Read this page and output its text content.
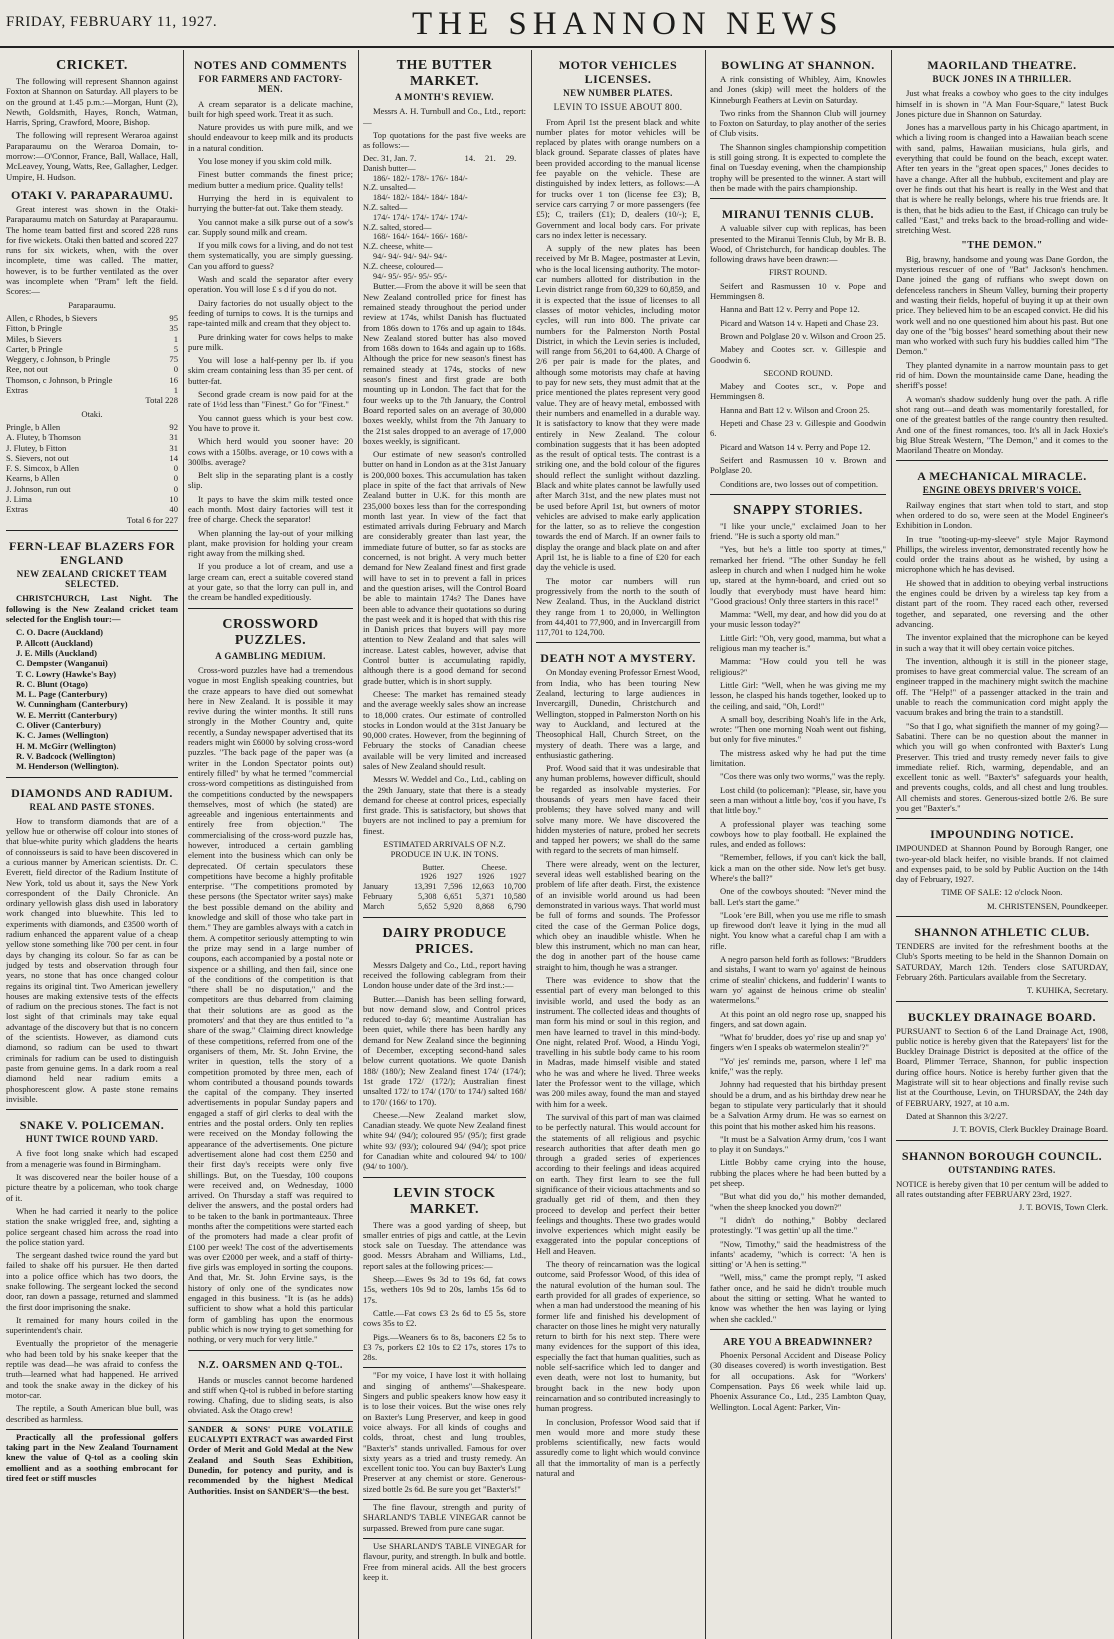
FRIDAY, FEBRUARY 11, 1927.	THE SHANNON NEWS
CRICKET.

The following will represent Shannon against Foxton at Shannon on Saturday. All players to be on the ground at 1.45 p.m.:—Morgan, Hunt (2), Newth, Goldsmith, Hayes, Ronch, Watman, Harris, Spring, Crawford, Moore, Bishop.

The following will represent Weraroa against Paraparaumu on the Weraroa Domain, to-morrow:—O'Connor, France, Ball, Wallace, Hall, McLeavey, Young, Watts, Ree, Gallagher, Ledger. Umpire, H. Hudson.

OTAKI V. PARAPARAUMU.

Great interest was shown in the Otaki-Paraparaumu match on Saturday at Paraparaumu. The home team batted first and scored 228 runs for five wickets. Otaki then batted and scored 227 runs for six wickets, when, with the over incomplete, time was called. The matter, however, is to be further ventilated as the over was incomplete when "Pram" left the field. Scores:—

Paraparaumu.

Allen, c Rhodes, b Sievers	95
Fitton, b Pringle	35
Miles, b Sievers	1
Carter, b Pringle	5
Weggery, c Johnson, b Pringle	75
Ree, not out	0
Thomson, c Johnson, b Pringle	16
Extras	1

Total 228

Otaki.

Pringle, b Allen	92
A. Flutey, b Thomson	31
J. Flutey, b Fitton	31
S. Sievers, not out	14
F. S. Simcox, b Allen	0
Kearns, b Allen	0
J. Johnson, run out	0
J. Lima	10
Extras	40

Total 6 for 227

FERN-LEAF BLAZERS FOR ENGLAND
NEW ZEALAND CRICKET TEAM SELECTED.

CHRISTCHURCH, Last Night. The following is the New Zealand cricket team selected for the English tour:—

C. O. Dacre (Auckland)
P. Allcott (Auckland)
J. E. Mills (Auckland)
C. Dempster (Wanganui)
T. C. Lowry (Hawke's Bay)
R. C. Blunt (Otago)
M. L. Page (Canterbury)
W. Cunningham (Canterbury)
W. E. Merritt (Canterbury)
C. Oliver (Canterbury)
K. C. James (Wellington)
H. M. McGirr (Wellington)
R. V. Badcock (Wellington)
M. Henderson (Wellington).
DIAMONDS AND RADIUM.
REAL AND PASTE STONES.

How to transform diamonds that are of a yellow hue or otherwise off colour into stones of that blue-white purity which gladdens the hearts of connoisseurs is said to have been discovered in a curious manner by American scientists. Dr. C. Everett, field director of the Radium Institute of New York, told us about it, says the New York correspondent of the Daily Chronicle. An ordinary yellowish glass dish used in laboratory work changed into bluewhite. This led to experiments with diamonds, and £3500 worth of radium enhanced the apparent value of a cheap yellow stone something like 700 per cent. in four days by changing its colour. So far as can be judged by tests and observation through four years, no stone that has once changed colour regains its original tint. Two American jewellery houses are making extensive tests of the effects of radium on the precious stones. The fact is not lost sight of that criminals may take equal advantage of the discovery but that is no concern of the scientists. However, as diamond cuts diamond, so radium can be used to thwart criminals for radium can be used to distinguish paste from genuine gems. In a dark room a real diamond held near radium emits a phosphorescent glow. A paste stone remains invisible.

SNAKE V. POLICEMAN.
HUNT TWICE ROUND YARD.

A five foot long snake which had escaped from a menagerie was found in Birmingham.

It was discovered near the boiler house of a picture theatre by a policeman, who took charge of it.

When he had carried it nearly to the police station the snake wriggled free, and, sighting a police sergeant chased him across the road into the police station yard.

The sergeant dashed twice round the yard but failed to shake off his pursuer. He then darted into a police office which has two doors, the snake following. The sergeant locked the second door, ran down a passage, returned and slammed the first door imprisoning the snake.

It remained for many hours coiled in the superintendent's chair.

Eventually the proprietor of the menagerie who had been told by his snake keeper that the reptile was dead—he was afraid to confess the truth—learned what had happened. He arrived and took the snake away in the dickey of his motor-car.

The reptile, a South American blue bull, was described as harmless.

Practically all the professional golfers taking part in the New Zealand Tournament knew the value of Q-tol as a cooling skin emollient and as a soothing embrocant for tired feet or stiff muscles

NOTES AND COMMENTS
FOR FARMERS AND FACTORY-MEN.

A cream separator is a delicate machine, built for high speed work. Treat it as such.

Nature provides us with pure milk, and we should endeavour to keep milk and its products in a natural condition.

You lose money if you skim cold milk.

Finest butter commands the finest price; medium butter a medium price. Quality tells!

Hurrying the herd in is equivalent to hurrying the butter-fat out. Take them steady.

You cannot make a silk purse out of a sow's car. Supply sound milk and cream.

If you milk cows for a living, and do not test them systematically, you are simply guessing. Can you afford to guess?

Wash and scald the separator after every operation. You will lose £ s d if you do not.

Dairy factories do not usually object to the feeding of turnips to cows. It is the turnips and rape-tainted milk and cream that they object to.

Pure drinking water for cows helps to make pure milk.

You will lose a half-penny per lb. if you skim cream containing less than 35 per cent. of butter-fat.

Second grade cream is now paid for at the rate of 1½d less than "Finest." Go for "Finest."

You cannot guess which is your best cow. You have to prove it.

Which herd would you sooner have: 20 cows with a 150lbs. average, or 10 cows with a 300lbs. average?

Belt slip in the separating plant is a costly slip.

It pays to have the skim milk tested once each month. Most dairy factories will test it free of charge. Check the separator!

When planning the lay-out of your milking plant, make provision for holding your cream right away from the milking shed.

If you produce a lot of cream, and use a large cream can, erect a suitable covered stand at your gate, so that the lorry can pull in, and the cream be handled expeditiously.

CROSSWORD PUZZLES.
A GAMBLING MEDIUM.

Cross-word puzzles have had a tremendous vogue in most English speaking countries, but the craze appears to have died out somewhat here in New Zealand. It is possible it may revive during the winter months. It still runs strongly in the Mother Country and, quite recently, a Sunday newspaper advertised that its readers might win £6000 by solving cross-word puzzles. "The back page of the paper was (a writer in the London Spectator points out) entirely filled" by what he termed "commercial cross-word competitions as distinguished from the competitions conducted by the newspapers themselves, most of which (he stated) are agreeable and ingenious entertainments and entirely free from objection." The commercialising of the cross-word puzzle has, however, introduced a certain gambling element into the business which can only be deprecated. Of certain speculators these competitions have become a highly profitable enterprise. "The competitions promoted by these persons (the Spectator writer says) make the best possible demand on the ability and knowledge and skill of those who take part in them." They are gambles always with a catch in them. A competitor seriously attempting to win the prize may send in a large number of coupons, each accompanied by a postal note or sixpence or a shilling, and then fail, since one of the conditions of the competition is that "there shall be no disputation," and the competitors are thus debarred from claiming that their solutions are as good as the promoters' and that they are thus entitled to "a share of the swag." Claiming direct knowledge of these competitions, referred from one of the organisers of them, Mr. St. John Ervine, the writer in question, tells the story of a competition promoted by three men, each of whom contributed a thousand pounds towards the capital of the company. They inserted advertisements in popular Sunday papers and engaged a staff of girl clerks to deal with the entries and the postal orders. Only ten replies were received on the Monday following the appearance of the advertisements. One picture advertisement alone had cost them £250 and their first day's receipts were only five shillings. But, on the Tuesday, 100 coupons were received and, on Wednesday, 1000 arrived. On Thursday a staff was required to deliver the answers, and the postal orders had to be taken to the bank in portmanteaux. Three months after the competitions were started each of the promoters had made a clear profit of £100 per week! The cost of the advertisements was over £2000 per week, and a staff of thirty-five girls was employed in sorting the coupons. And that, Mr. St. John Ervine says, is the history of only one of the syndicates now engaged in this business. "It is (as he adds) sufficient to show what a hold this particular form of gambling has upon the enormous public which is now trying to get something for nothing, or very much for very little."

N.Z. OARSMEN AND Q-TOL.

Hands or muscles cannot become hardened and stiff when Q-tol is rubbed in before starting rowing. Chafing, due to sliding seats, is also obviated. Ask the Otago crew!

SANDER & SONS' PURE VOLATILE EUCALYPTI EXTRACT was awarded First Order of Merit and Gold Medal at the New Zealand and South Seas Exhibition, Dunedin, for potency and purity, and is recommended by the highest Medical Authorities. Insist on SANDER'S—the best.

THE BUTTER MARKET.
A MONTH'S REVIEW.

Messrs A. H. Turnbull and Co., Ltd., report:—

Top quotations for the past five weeks are as follows:—

Dec. 31, Jan. 7.	14.	21.	29.
Danish butter—
186/- 182/- 178/- 176/- 184/-
N.Z. unsalted—
184/- 182/- 184/- 184/- 184/-
N.Z. salted—
174/- 174/- 174/- 174/- 174/-
N.Z. salted, stored—
168/- 164/- 164/- 166/- 168/-
N.Z. cheese, white—
94/- 94/- 94/- 94/- 94/-
N.Z. cheese, coloured—
94/- 95/- 95/- 95/- 95/-

Butter.—From the above it will be seen that New Zealand controlled price for finest has remained steady throughout the period under review at 174s, whilst Danish has fluctuated from 186s down to 176s and up again to 184s. New Zealand stored butter has also moved from 168s down to 164s and again up to 168s. Although the price for new season's finest has remained steady at 174s, stocks of new season's finest and first grade are both mounting up in London. The fact that for the four weeks up to the 7th January, the Control Board reported sales on an average of 30,000 boxes weekly, whilst from the 7th January to the 21st sales dropped to an average of 17,000 boxes weekly, is significant.

Our estimate of new season's controlled butter on hand in London as at the 31st January is 200,000 boxes. This accumulation has taken place in spite of the fact that arrivals of New Zealand butter in U.K. for this month are 235,000 boxes less than for the corresponding month last year. In view of the fact that estimated arrivals during February and March are considerably greater than last year, the immediate future of butter, so far as stocks are concerned, is not bright. A very much better demand for New Zealand finest and first grade will have to set in to prevent a fall in prices and the question arises, will the Control Board be able to maintain 174s? The Danes have been able to advance their quotations so during the past week and it is hoped that with this rise in Danish prices that buyers will pay more attention to New Zealand and that sales will increase. Latest cables, however, advise that Control butter is accumulating rapidly, although there is a good demand for second grade butter, which is in short supply.

Cheese: The market has remained steady and the average weekly sales show an increase to 18,000 crates. Our estimate of controlled stocks in London would at the 31st January be 90,000 crates. However, from the beginning of February the stocks of Canadian cheese available will be very limited and increased sales of New Zealand should result.

Messrs W. Weddel and Co., Ltd., cabling on the 29th January, state that there is a steady demand for cheese at control prices, especially first grade. This is satisfactory, but shows that buyers are not inclined to pay a premium for finest.

ESTIMATED ARRIVALS OF N.Z. PRODUCE IN U.K. IN TONS.

	Butter.		Cheese.	
	1926	1927	1926	1927
January	13,391	7,596	12,663	10,700
February	5,308	6,651	5,371	10,580
March	5,652	5,920	8,868	6,790
DAIRY PRODUCE PRICES.

Messrs Dalgety and Co., Ltd., report having received the following cablegram from their London house under date of the 3rd inst.:—

Butter.—Danish has been selling forward, but now demand slow, and Control prices reduced to-day 6/; meantime Australian has been quiet, while there has been hardly any demand for New Zealand since the beginning of December, excepting second-hand sales below current quotations. We quote Danish 188/ (180/); New Zealand finest 174/ (174/); 1st grade 172/ (172/); Australian finest unsalted 172/ to 174/ (170/ to 174/) salted 168/ to 170/ (166/ to 170).

Cheese.—New Zealand market slow, Canadian steady. We quote New Zealand finest white 94/ (94/); coloured 95/ (95/); first grade white 93/ (93/); coloured 94/ (94/); spot price for Canadian white and coloured 94/ to 100/ (94/ to 100/).

LEVIN STOCK MARKET.

There was a good yarding of sheep, but smaller entries of pigs and cattle, at the Levin stock sale on Tuesday. The attendance was good. Messrs Abraham and Williams, Ltd., report sales at the following prices:—

Sheep.—Ewes 9s 3d to 19s 6d, fat cows 15s, wethers 10s 9d to 20s, lambs 15s 6d to 17s.

Cattle.—Fat cows £3 2s 6d to £5 5s, store cows 35s to £2.

Pigs.—Weaners 6s to 8s, baconers £2 5s to £3 7s, porkers £2 10s to £2 17s, stores 17s to 28s.

"For my voice, I have lost it with hollaing and singing of anthems"—Shakespeare. Singers and public speakers know how easy it is to lose their voices. But the wise ones rely on Baxter's Lung Preserver, and keep in good voice always. For all kinds of coughs and colds, throat, chest and lung troubles, "Baxter's" stands unrivalled. Famous for over sixty years as a tried and trusty remedy. An excellent tonic too. You can buy Baxter's Lung Preserver at any chemist or store. Generous-sized bottle 2s 6d. Be sure you get "Baxter's!"

The fine flavour, strength and purity of SHARLAND'S TABLE VINEGAR cannot be surpassed. Brewed from pure cane sugar.

Use SHARLAND'S TABLE VINEGAR for flavour, purity, and strength. In bulk and bottle. Free from mineral acids. All the best grocers keep it.

MOTOR VEHICLES LICENSES.
NEW NUMBER PLATES.
LEVIN TO ISSUE ABOUT 800.

From April 1st the present black and white number plates for motor vehicles will be replaced by plates with orange numbers on a black ground. Separate classes of plates have been provided according to the manual license fee payable on the vehicle. These are distinguished by index letters, as follows:—A for trucks over 1 ton (license fee £3); B, service cars carrying 7 or more passengers (fee £5); C, trailers (£1); D, dealers (10/-); E, Government and local body cars. For private cars no index letter is necessary.

A supply of the new plates has been received by Mr B. Magee, postmaster at Levin, who is the local licensing authority. The motor-car numbers allotted for distribution in the Levin district range from 60,329 to 60,859, and it is expected that the issue of licenses to all classes of motor vehicles, including motor cycles, will run into 800. The private car numbers for the Palmerston North Postal District, in which the Levin series is included, will range from 56,201 to 64,400. A Charge of 2/6 per pair is made for the plates, and although some motorists may chafe at having to pay for new sets, they must admit that at the price mentioned the plates represent very good value. They are of heavy metal, embossed with their numbers and enamelled in a durable way. It is satisfactory to know that they were made entirely in New Zealand. The colour combination suggests that it has been adopted as the result of optical tests. The contrast is a striking one, and the bold colour of the figures should reflect the sunlight without dazzling. Black and white plates cannot be lawfully used after March 31st, and the new plates must not be used before April 1st, but owners of motor vehicles are advised to make early application for the latter, so as to relieve the congestion towards the end of March. If an owner fails to display the orange and black plate on and after April 1st, he is liable to a fine of £20 for each day the vehicle is used.

The motor car numbers will run progressively from the north to the south of New Zealand. Thus, in the Auckland district they range from 1 to 20,000, in Wellington from 44,401 to 77,900, and in Invercargill from 117,701 to 124,700.

DEATH NOT A MYSTERY.

On Monday evening Professor Ernest Wood, from India, who has been touring New Zealand, lecturing to large audiences in Invercargill, Dunedin, Christchurch and Wellington, stopped in Palmerston North on his way to Auckland, and lectured at the Theosophical Hall, Church Street, on the mystery of death. There was a large, and enthusiastic gathering.

Prof. Wood said that it was undesirable that any human problems, however difficult, should be regarded as insolvable mysteries. For thousands of years men have faced their problems; they have solved many and will solve many more. We have discovered the hidden mysteries of nature, probed her secrets and tapped her powers; we shall do the same with regard to the secrets of man himself.

There were already, went on the lecturer, several ideas well established bearing on the problem of life after death. First, the existence of an invisible world around us had been demonstrated in various ways. That world must be full of forms and sounds. The Professor cited the case of the German Police dogs, which obey an inaudible whistle. When he blew this instrument, which no man can hear, the dog in another part of the house came straight to him, though he was a stranger.

There was evidence to show that the essential part of every man belonged to this invisible world, and used the body as an instrument. The collected ideas and thoughts of man form his mind or soul in this region, and men have learned to travel in this mind-body. One night, related Prof. Wood, a Hindu Yogi, travelling in his subtle body came to his room in Madras, made himself visible and stated who he was and where he lived. Three weeks later the Professor went to the village, which was 200 miles away, found the man and stayed with him for a week.

The survival of this part of man was claimed to be perfectly natural. This would account for the statements of all religious and psychic research authorities that after death men go through a graded series of experiences according to their feelings and ideas acquired on earth. They first learn to see the full significance of their vicious attachments and so gradually get rid of them, and then they proceed to develop and perfect their better feelings and thoughts. These two grades would involve experiences which might easily be exaggerated into the popular conceptions of Hell and Heaven.

The theory of reincarnation was the logical outcome, said Professor Wood, of this idea of the natural evolution of the human soul. The earth provided for all grades of experience, so when a man had understood the meaning of his former life and finished his development of character on those lines he might very naturally return to birth for his next step. There were many evidences for the support of this idea, especially the fact that human qualities, such as noble self-sacrifice which led to danger and even death, were not lost to humanity, but brought back in the new body upon reincarnation and so contributed increasingly to human progress.

In conclusion, Professor Wood said that if men would more and more study these problems scientifically, new facts would assuredly come to light which would convince all that the immortality of man is a perfectly natural and

BOWLING AT SHANNON.

A rink consisting of Whibley, Aim, Knowles and Jones (skip) will meet the holders of the Kinneburgh Feathers at Levin on Saturday.

Two rinks from the Shannon Club will journey to Foxton on Saturday, to play another of the series of Club visits.

The Shannon singles championship competition is still going strong. It is expected to complete the final on Tuesday evening, when the championship trophy will be presented to the winner. A start will then be made with the pairs championship.

MIRANUI TENNIS CLUB.

A valuable silver cup with replicas, has been presented to the Miranui Tennis Club, by Mr B. B. Wood, of Christchurch, for handicap doubles. The following draws have been drawn:—

FIRST ROUND.

Seifert and Rasmussen 10 v. Pope and Hemmingsen 8.

Hanna and Batt 12 v. Perry and Pope 12.

Picard and Watson 14 v. Hapeti and Chase 23.

Brown and Polglase 20 v. Wilson and Croon 25.

Mabey and Cootes scr. v. Gillespie and Goodwin 6.

SECOND ROUND.

Mabey and Cootes scr., v. Pope and Hemmingsen 8.

Hanna and Batt 12 v. Wilson and Croon 25.

Hepeti and Chase 23 v. Gillespie and Goodwin 6.

Picard and Watson 14 v. Perry and Pope 12.

Seifert and Rasmussen 10 v. Brown and Polglase 20.

Conditions are, two losses out of competition.

SNAPPY STORIES.

"I like your uncle," exclaimed Joan to her friend. "He is such a sporty old man."

"Yes, but he's a little too sporty at times," remarked her friend. "The other Sunday he fell asleep in church and when I nudged him he woke up, stared at the hymn-board, and cried out so loudly that everybody must have heard him: "Good gracious! Only three starters in this race!"

Mamma: "Well, my dear, and how did you do at your music lesson today?"

Little Girl: "Oh, very good, mamma, but what a religious man my teacher is."

Mamma: "How could you tell he was religious?"

Little Girl: "Well, when he was giving me my lesson, he clasped his hands together, looked up to the ceiling, and said, "Oh, Lord!"

A small boy, describing Noah's life in the Ark, wrote: "Then one morning Noah went out fishing, but only for five minutes."

The mistress asked why he had put the time limitation.

"Cos there was only two worms," was the reply.

Lost child (to policeman): "Please, sir, have you seen a man without a little boy, 'cos if you have, I's that little boy."

A professional player was teaching some cowboys how to play football. He explained the rules, and ended as follows:

"Remember, fellows, if you can't kick the ball, kick a man on the other side. Now let's get busy. Where's the ball?"

One of the cowboys shouted: "Never mind the ball. Let's start the game."

"Look 'ere Bill, when you use me rifle to smash up firewood don't leave it lying in the mud all night. You know what a careful chap I am with a rifle.

A negro parson held forth as follows: "Brudders and sistahs, I want to warn yo' against de heinous crime of stealin' chickens, and fudderin' I wants to warn yo' against de heinous crime ob stealin' watermelons."

At this point an old negro rose up, snapped his fingers, and sat down again.

"What fo' brudder, does yo' rise up and snap yo' fingers w'en I speaks ob watermelon stealin'?"

"Yo' jes' reminds me, parson, where I lef' ma knife," was the reply.

Johnny had requested that his birthday present should be a drum, and as his birthday drew near he began to stipulate very particularly that it should be a Salvation Army drum. He was so earnest on this point that his mother asked him his reasons.

"It must be a Salvation Army drum, 'cos I want to play it on Sundays."

Little Bobby came crying into the house, rubbing the places where he had been butted by a pet sheep.

"But what did you do," his mother demanded, "when the sheep knocked you down?"

"I didn't do nothing," Bobby declared protestingly. "I was gettin' up all the time."

"Now, Timothy," said the headmistress of the infants' academy, "which is correct: 'A hen is sitting' or 'A hen is setting.'"

"Well, miss," came the prompt reply, "I asked father once, and he said he didn't trouble much about the sitting or setting. What he wanted to know was whether the hen was laying or lying when she cackled."

ARE YOU A BREADWINNER?

Phoenix Personal Accident and Disease Policy (30 diseases covered) is worth investigation. Best for all occupations. Ask for "Workers' Compensation. Pays £6 week while laid up. Phoenix Assurance Co., Ltd., 235 Lambton Quay, Wellington. Local Agent: Parker, Vin-

MAORILAND THEATRE.
BUCK JONES IN A THRILLER.

Just what freaks a cowboy who goes to the city indulges himself in is shown in "A Man Four-Square," latest Buck Jones picture due in Shannon on Saturday.

Jones has a marvellous party in his Chicago apartment, in which a living room is changed into a Hawaiian beach scene with sand, palms, Hawaiian musicians, hula girls, and everything that could be found on the beach, except water. After ten years in the "great open spaces," Jones decides to have a change. After all the hubbub, excitement and play are over he finds out that his heart is really in the West and that that is where he really belongs, where his true friends are. It is then, that he bids adieu to the East, if Chicago can truly be called "East," and treks back to the broad-rolling and wide-stretching West.

"THE DEMON."

Big, brawny, handsome and young was Dane Gordon, the mysterious rescuer of one of "Bat" Jackson's henchmen. Dane joined the gang of ruffians who swept down on defenceless ranchers in Sheum Valley, burning their property and wasting their fields, hopeful of buying it up at their own price. They believed him to be an escaped convict. He did his work well and no one questioned him about his past. But one day one of the "big bosses" heard something about their new man who worked with such fury his buddies called him "The Demon."

They planted dynamite in a narrow mountain pass to get rid of him. Down the mountainside came Dane, heading the sheriff's posse!

A woman's shadow suddenly hung over the path. A rifle shot rang out—and death was momentarily forestalled, for one of the greatest battles of the range country then resulted. And one of the finest romances, too. It's all in Jack Hoxie's big Blue Streak Western, "The Demon," and it comes to the Maoriland Theatre on Monday.

A MECHANICAL MIRACLE.
ENGINE OBEYS DRIVER'S VOICE.

Railway engines that start when told to start, and stop when ordered to do so, were seen at the Model Engineer's Exhibition in London.

In true "tooting-up-my-sleeve" style Major Raymond Phillips, the wireless inventor, demonstrated recently how he could order the trains about as he wished, by using a microphone which he has devised.

He showed that in addition to obeying verbal instructions the engines could be driven by a wireless tap key from a distant part of the room. They raced each other, reversed together, and separated, one reversing and the other advancing.

The inventor explained that the microphone can be keyed in such a way that it will obey certain voice pitches.

The invention, although it is still in the pioneer stage, promises to have great commercial value. The scream of an engineer trapped in the machinery might switch the machine off. The "Help!" of a passenger attacked in the train and unable to reach the communication cord might apply the vacuum brakes and bring the train to a standstill.

"So that I go, what signifieth the manner of my going?—Sabatini. There can be no question about the manner in which you will go when confronted with Baxter's Lung Preserver. This tried and trusty remedy never fails to give immediate relief. Rich, warming, dependable, and an excellent tonic as well. "Baxter's" safeguards your health, and prevents coughs, colds, and all chest and lung troubles. All chemists and stores. Generous-sized bottle 2/6. Be sure you get "Baxter's."

IMPOUNDING NOTICE.

IMPOUNDED at Shannon Pound by Borough Ranger, one two-year-old black heifer, no visible brands. If not claimed and expenses paid, to be sold by Public Auction on the 14th day of February, 1927.

TIME OF SALE: 12 o'clock Noon.

M. CHRISTENSEN, Poundkeeper.

SHANNON ATHLETIC CLUB.

TENDERS are invited for the refreshment booths at the Club's Sports meeting to be held in the Shannon Domain on SATURDAY, March 12th. Tenders close SATURDAY, February 26th. Particulars available from the Secretary.

T. KUHIKA, Secretary.

BUCKLEY DRAINAGE BOARD.

PURSUANT to Section 6 of the Land Drainage Act, 1908, public notice is hereby given that the Ratepayers' list for the Buckley Drainage District is deposited at the office of the Board, Plimmer Terrace, Shannon, for public inspection during office hours. Notice is hereby further given that the Magistrate will sit to hear objections and finally revise such list at the Courthouse, Levin, on THURSDAY, the 24th day of FEBRUARY, 1927, at 10 a.m.

Dated at Shannon this 3/2/27.

J. T. BOVIS, Clerk Buckley Drainage Board.

SHANNON BOROUGH COUNCIL.
OUTSTANDING RATES.

NOTICE is hereby given that 10 per centum will be added to all rates outstanding after FEBRUARY 23rd, 1927.

J. T. BOVIS, Town Clerk.
